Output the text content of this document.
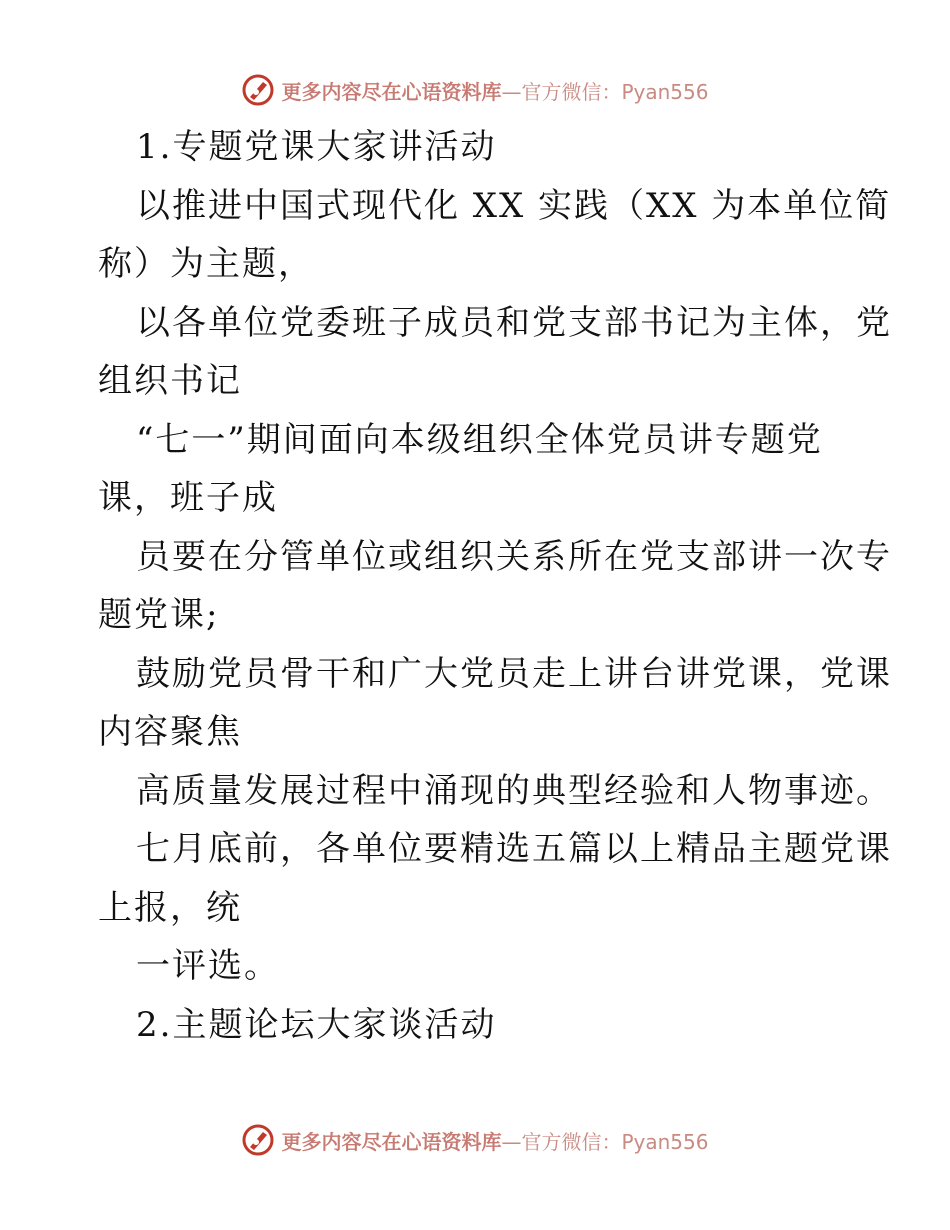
更多内容尽在心语资料库—官方微信：Pyan556
1.专题党课大家讲活动
以推进中国式现代化 XX 实践（XX 为本单位简
称）为主题，
以各单位党委班子成员和党支部书记为主体，党
组织书记
“七一”期间面向本级组织全体党员讲专题党
课，班子成
员要在分管单位或组织关系所在党支部讲一次专
题党课;
鼓励党员骨干和广大党员走上讲台讲党课，党课
内容聚焦
高质量发展过程中涌现的典型经验和人物事迹。
七月底前，各单位要精选五篇以上精品主题党课
上报，统
一评选。
2.主题论坛大家谈活动
更多内容尽在心语资料库—官方微信：Pyan556
